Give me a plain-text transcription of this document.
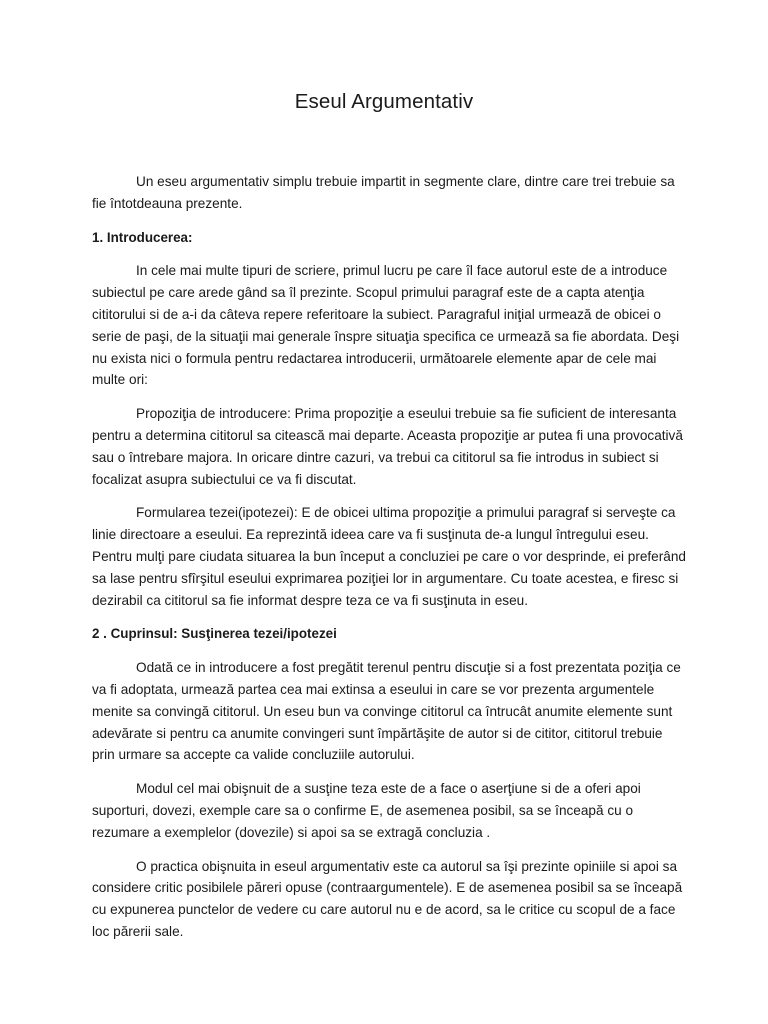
Eseul Argumentativ

Un eseu argumentativ simplu trebuie impartit in segmente clare, dintre care trei trebuie sa fie întotdeauna prezente.

1. Introducerea:

In cele mai multe tipuri de scriere, primul lucru pe care îl face autorul este de a introduce subiectul pe care arede gând sa îl prezinte. Scopul primului paragraf este de a capta atenţia cititorului si de a-i da câteva repere referitoare la subiect. Paragraful iniţial urmează de obicei o serie de paşi, de la situaţii mai generale înspre situaţia specifica ce urmează sa fie abordata. Deşi nu exista nici o formula pentru redactarea introducerii, următoarele elemente apar de cele mai multe ori:

Propoziţia de introducere: Prima propoziţie a eseului trebuie sa fie suficient de interesanta pentru a determina cititorul sa citească mai departe. Aceasta propoziţie ar putea fi una provocativă sau o întrebare majora. In oricare dintre cazuri, va trebui ca cititorul sa fie introdus in subiect si focalizat asupra subiectului ce va fi discutat.

Formularea tezei(ipotezei): E de obicei ultima propoziţie a primului paragraf si serveşte ca linie directoare a eseului. Ea reprezintă ideea care va fi susţinuta de-a lungul întregului eseu. Pentru mulţi pare ciudata situarea la bun început a concluziei pe care o vor desprinde, ei preferând sa lase pentru sfîrşitul eseului exprimarea poziţiei lor in argumentare. Cu toate acestea, e firesc si dezirabil ca cititorul sa fie informat despre teza ce va fi susţinuta in eseu.

2 . Cuprinsul: Susţinerea tezei/ipotezei

Odată ce in introducere a fost pregătit terenul pentru discuţie si a fost prezentata poziţia ce va fi adoptata, urmează partea cea mai extinsa a eseului in care se vor prezenta argumentele menite sa convingă cititorul. Un eseu bun va convinge cititorul ca întrucât anumite elemente sunt adevărate si pentru ca anumite convingeri sunt împărtăşite de autor si de cititor, cititorul trebuie prin urmare sa accepte ca valide concluziile autorului.

Modul cel mai obişnuit de a susţine teza este de a face o aserţiune si de a oferi apoi suporturi, dovezi, exemple care sa o confirme E, de asemenea posibil, sa se înceapă cu o rezumare a exemplelor (dovezile) si apoi sa se extragă concluzia .

O practica obişnuita in eseul argumentativ este ca autorul sa îşi prezinte opiniile si apoi sa considere critic posibilele păreri opuse (contraargumentele). E de asemenea posibil sa se înceapă cu expunerea punctelor de vedere cu care autorul nu e de acord, sa le critice cu scopul de a face loc părerii sale.
